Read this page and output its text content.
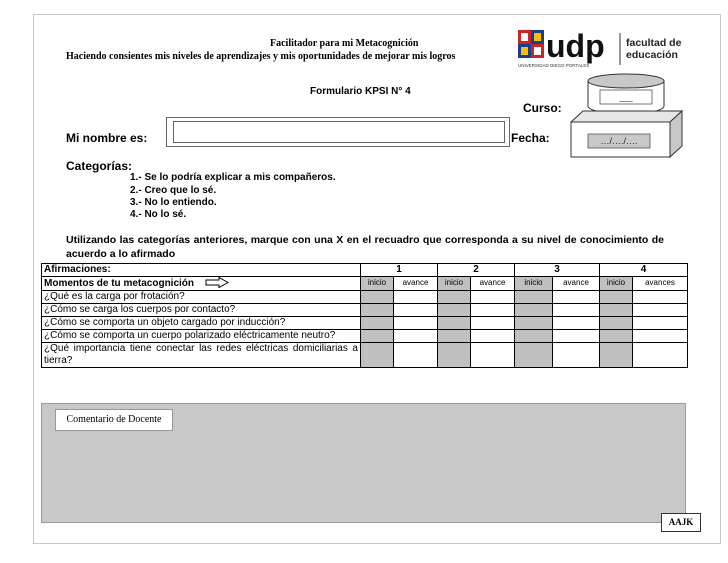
Facilitador para mi Metacognición
Haciendo consientes mis niveles de aprendizajes y mis oportunidades de mejorar mis logros	udp
UNIVERSIDAD DIEGO PORTALES
facultad de
educación
Formulario KPSI N° 4
___
Curso:
…/…./….
Fecha:
Mi nombre es:
Categorías:
1.- Se lo podría explicar a mis compañeros.
2.- Creo que lo sé.
3.- No lo entiendo.
4.- No lo sé.
Utilizando las categorías anteriores, marque con una X en el recuadro que corresponda a su nivel de conocimiento de acuerdo a lo afirmado
Afirmaciones:	1		2		3		4	
Momentos de tu metacognición	inicio	avance	inicio	avance	inicio	avance	inicio	avances
¿Qué es la carga por frotación?								
¿Cómo se carga los cuerpos por contacto?								
¿Cómo se comporta un objeto cargado por inducción?								
¿Cómo se comporta un cuerpo polarizado eléctricamente neutro?								
¿Qué importancia tiene conectar las redes eléctricas domiciliarias a tierra?								
Comentario de Docente
AAJK
